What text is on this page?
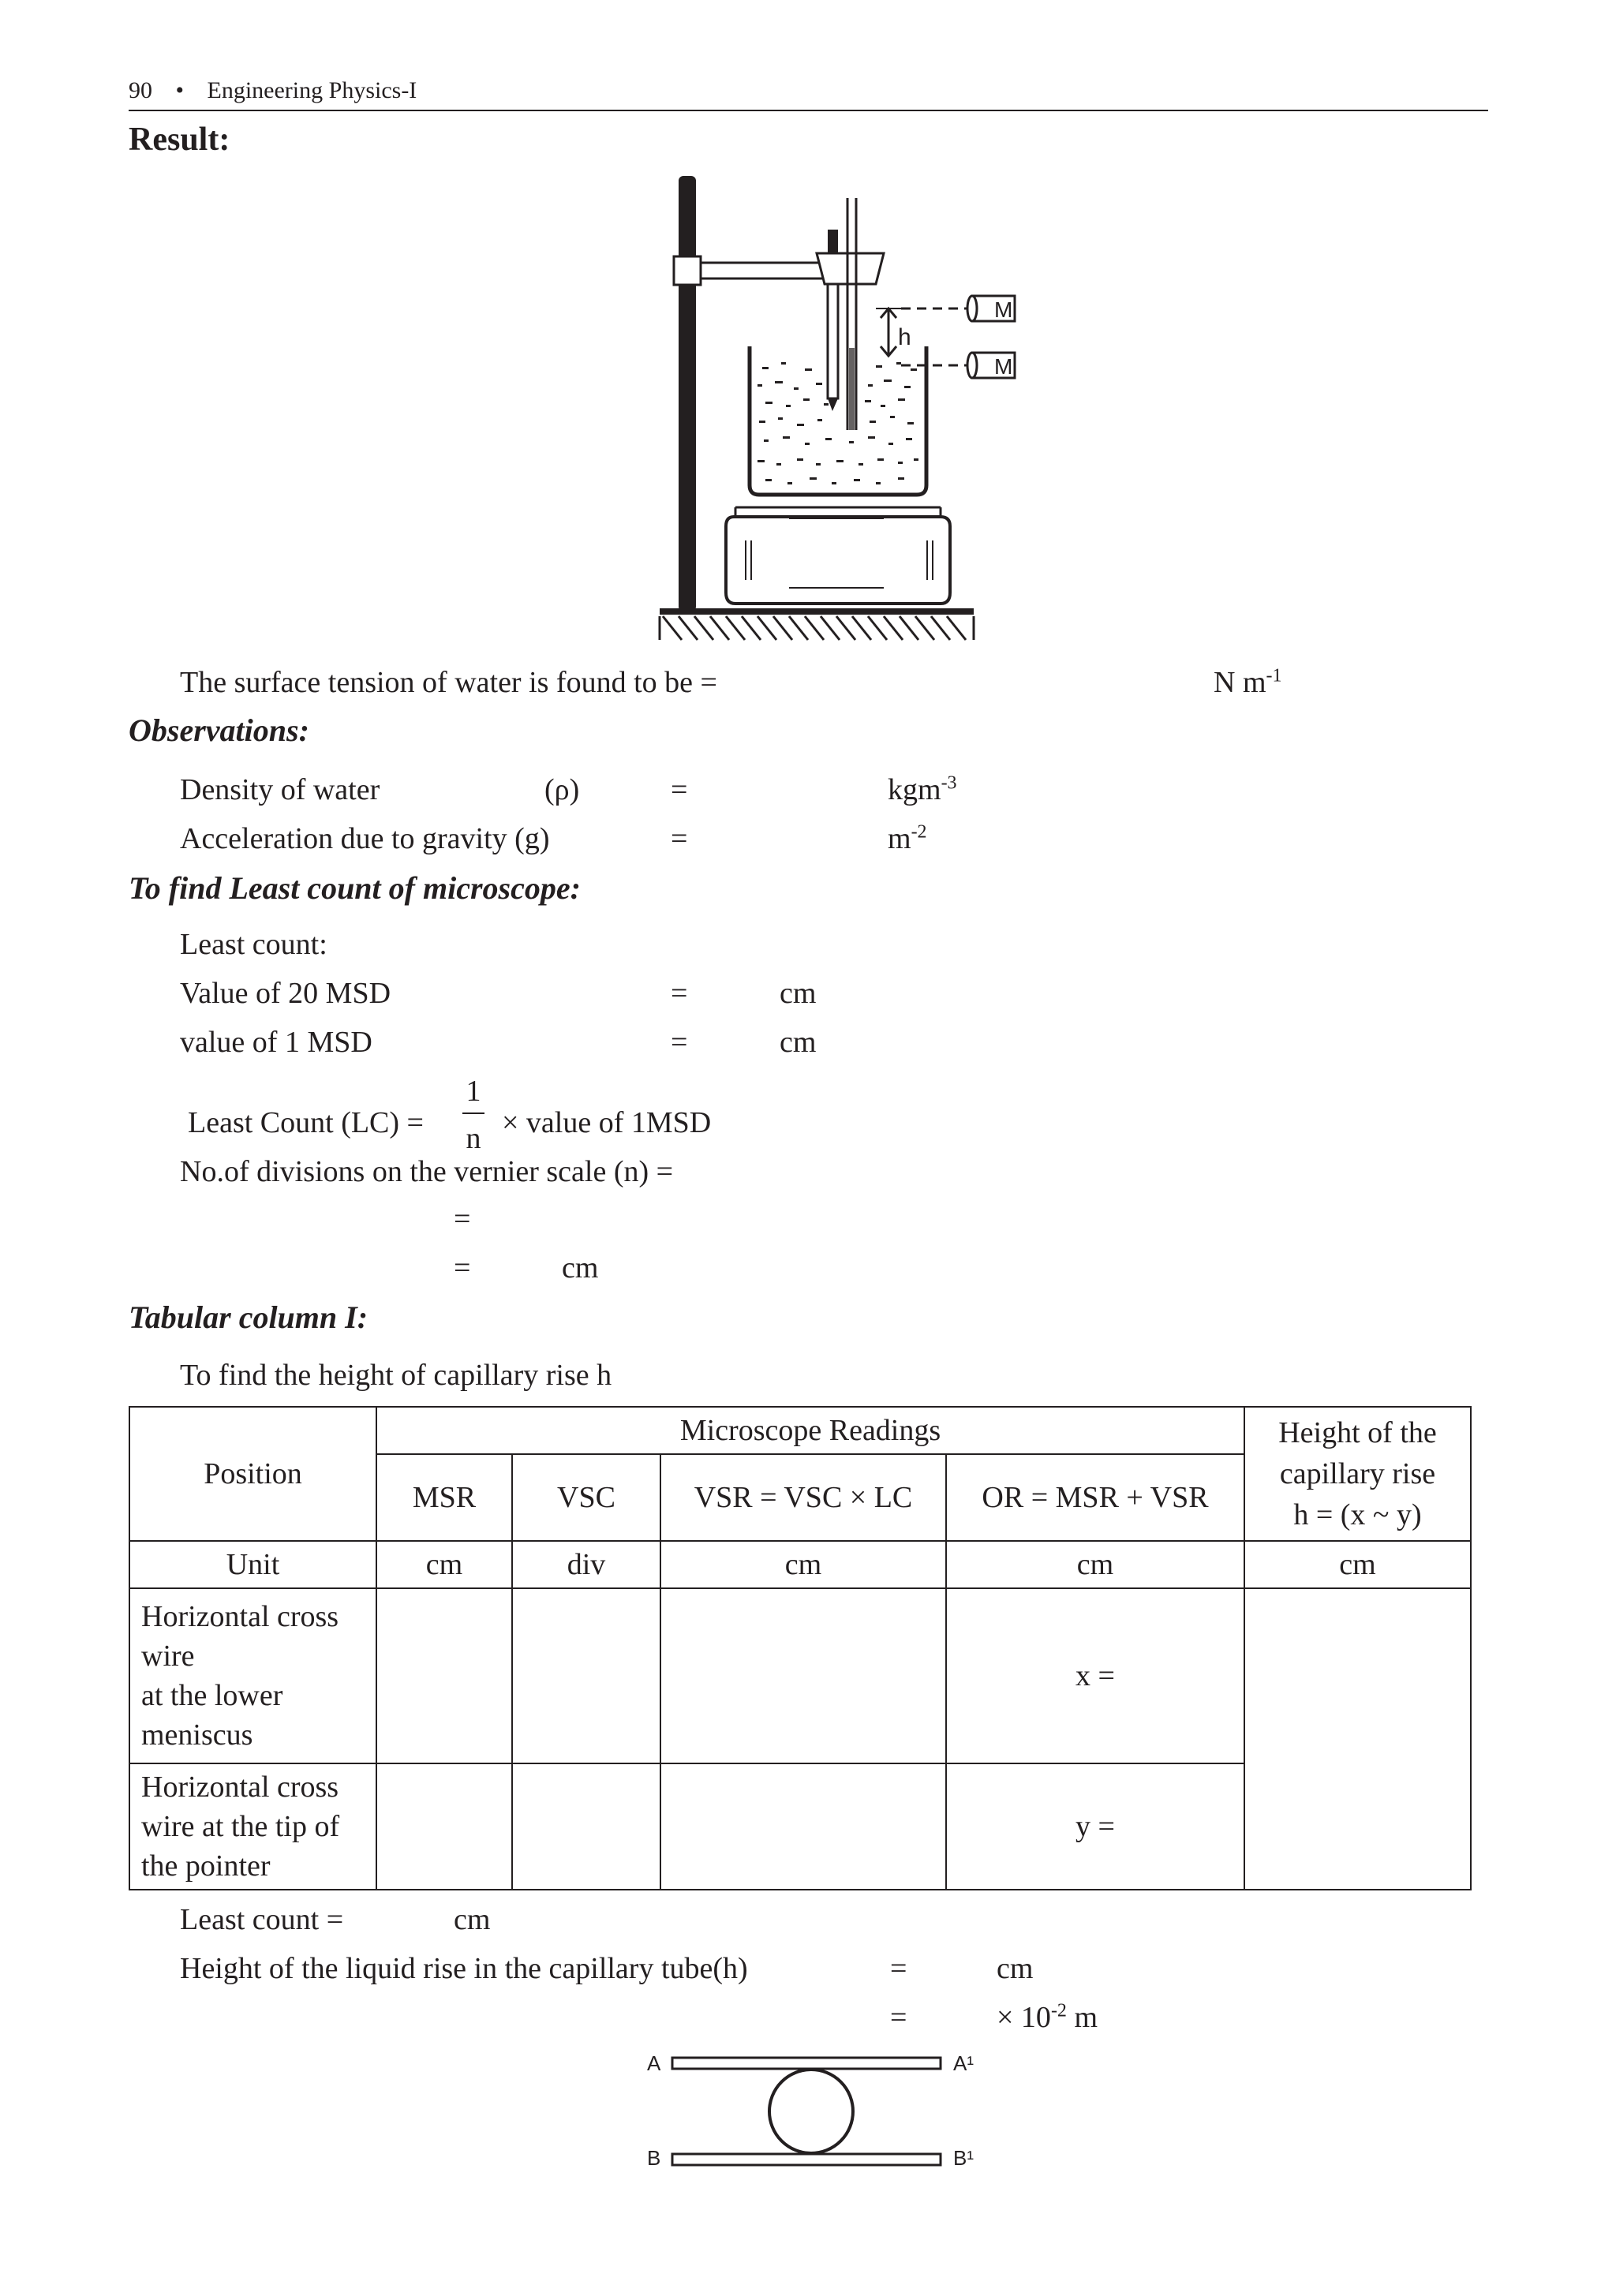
90 • Engineering Physics-I
Result:
h
M
M
The surface tension of water is found to be =	N $m^{-1}$
Observations:
Density of water	(ρ)	=	kgm$^{-3}$
Acceleration due to gravity (g)	=	$m^{-2}$
To find Least count of microscope:
Least count:
Value of 20 MSD	=	cm
value of 1 MSD	=	cm
Least Count (LC) =
1
n × value of 1MSD
No.of divisions on the vernier scale (n) =
=
=	cm
Tabular column I:
To find the height of capillary rise h
Position	Microscope Readings				Height of the
capillary rise
h = (x ~ y)

	MSR	VSC	VSR = VSC × LC	OR = MSR + VSR	
Unit	cm	div	cm	cm	cm

Horizontal cross
wire
at the lower
meniscus				x =	

Horizontal cross
wire at the tip of
the pointer				y =	
Least count =	cm
Height of the liquid rise in the capillary tube(h)	=	cm
=	× $10^{-2}$ m
A	A¹
B	B¹
